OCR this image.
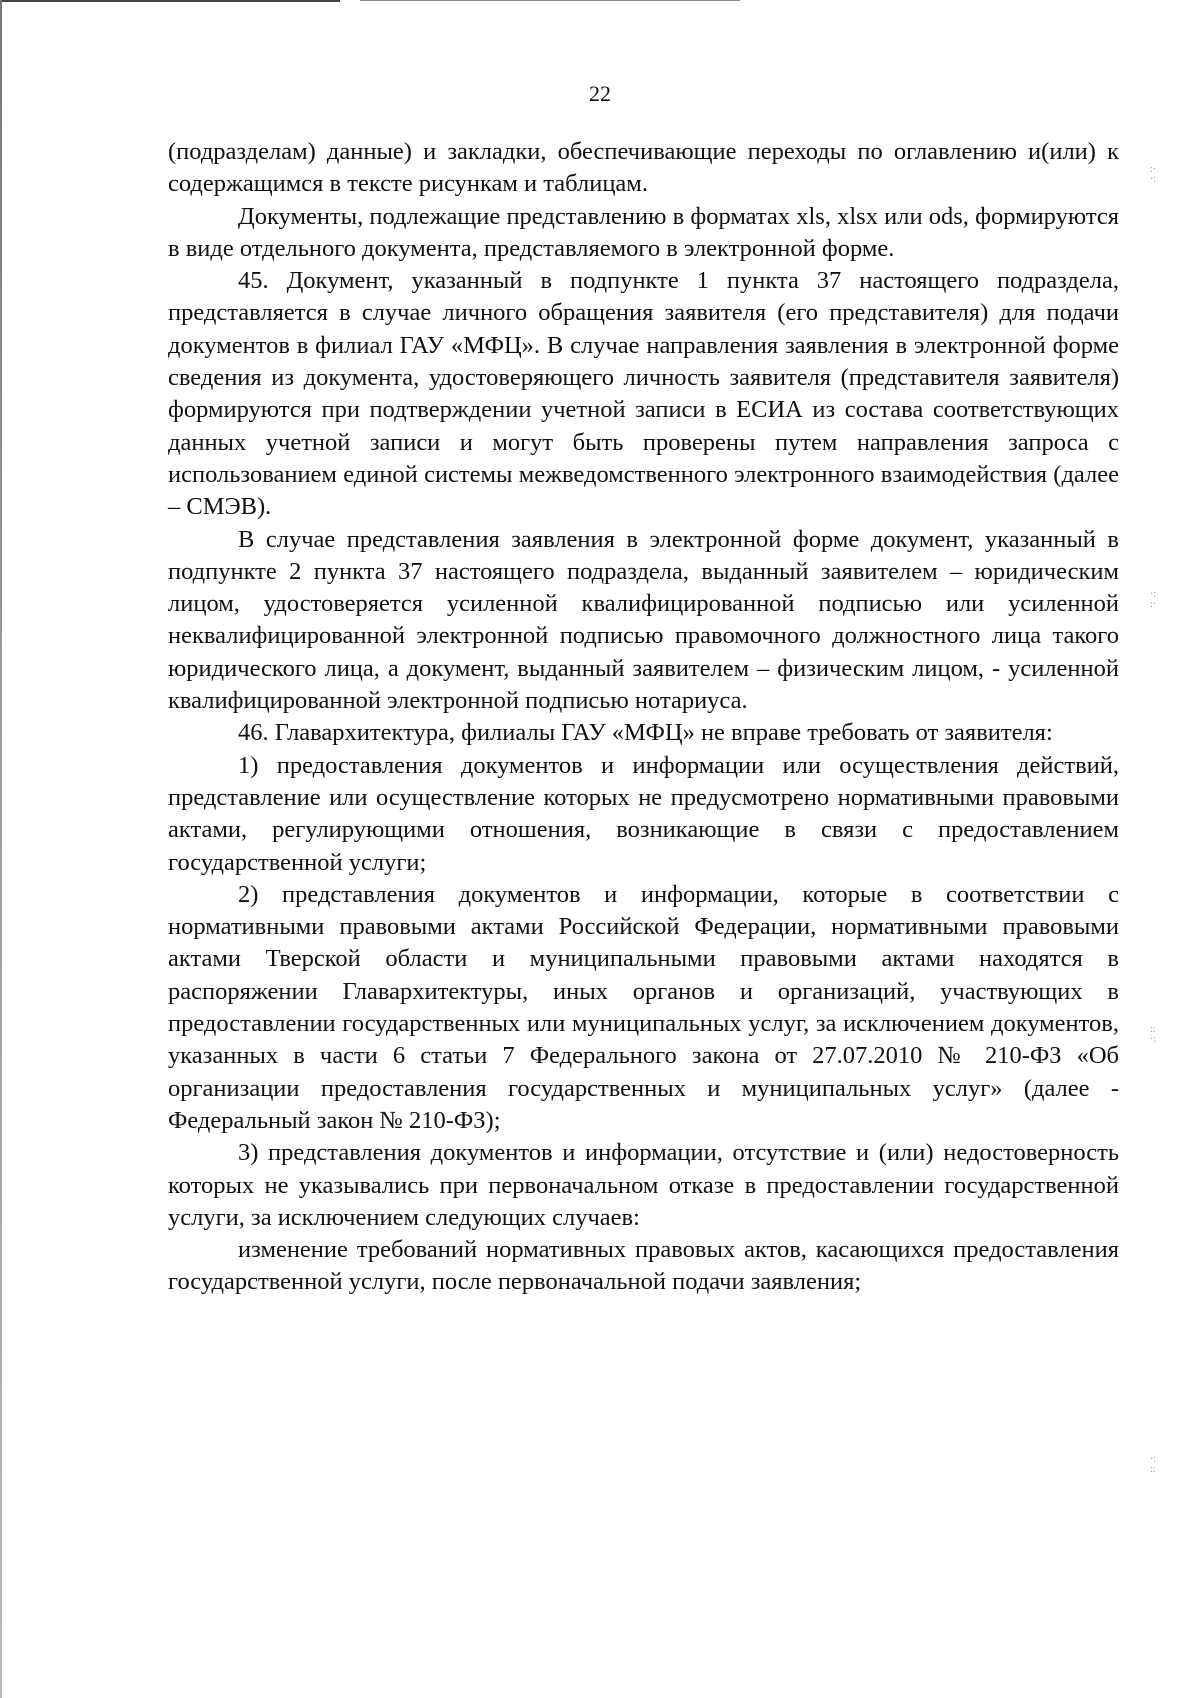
22

(подразделам) данные) и закладки, обеспечивающие переходы по оглавлению и(или) к содержащимся в тексте рисункам и таблицам.

Документы, подлежащие представлению в форматах xls, xlsx или ods, формируются в виде отдельного документа, представляемого в электронной форме.

45. Документ, указанный в подпункте 1 пункта 37 настоящего подраздела, представляется в случае личного обращения заявителя (его представителя) для подачи документов в филиал ГАУ «МФЦ». В случае направления заявления в электронной форме сведения из документа, удостоверяющего личность заявителя (представителя заявителя) формируются при подтверждении учетной записи в ЕСИА из состава соответствующих данных учетной записи и могут быть проверены путем направления запроса с использованием единой системы межведомственного электронного взаимодействия (далее – СМЭВ).

В случае представления заявления в электронной форме документ, указанный в подпункте 2 пункта 37 настоящего подраздела, выданный заявителем – юридическим лицом, удостоверяется усиленной квалифицированной подписью или усиленной неквалифицированной электронной подписью правомочного должностного лица такого юридического лица, а документ, выданный заявителем – физическим лицом, - усиленной квалифицированной электронной подписью нотариуса.

46. Главархитектура, филиалы ГАУ «МФЦ» не вправе требовать от заявителя:

1) предоставления документов и информации или осуществления действий, представление или осуществление которых не предусмотрено нормативными правовыми актами, регулирующими отношения, возникающие в связи с предоставлением государственной услуги;

2) представления документов и информации, которые в соответствии с нормативными правовыми актами Российской Федерации, нормативными правовыми актами Тверской области и муниципальными правовыми актами находятся в распоряжении Главархитектуры, иных органов и организаций, участвующих в предоставлении государственных или муниципальных услуг, за исключением документов, указанных в части 6 статьи 7 Федерального закона от 27.07.2010 № 210-ФЗ «Об организации предоставления государственных и муниципальных услуг» (далее - Федеральный закон № 210-ФЗ);

3) представления документов и информации, отсутствие и (или) недостоверность которых не указывались при первоначальном отказе в предоставлении государственной услуги, за исключением следующих случаев:

изменение требований нормативных правовых актов, касающихся предоставления государственной услуги, после первоначальной подачи заявления;

:·
·:
·:
:·
::
·:
·:
::
